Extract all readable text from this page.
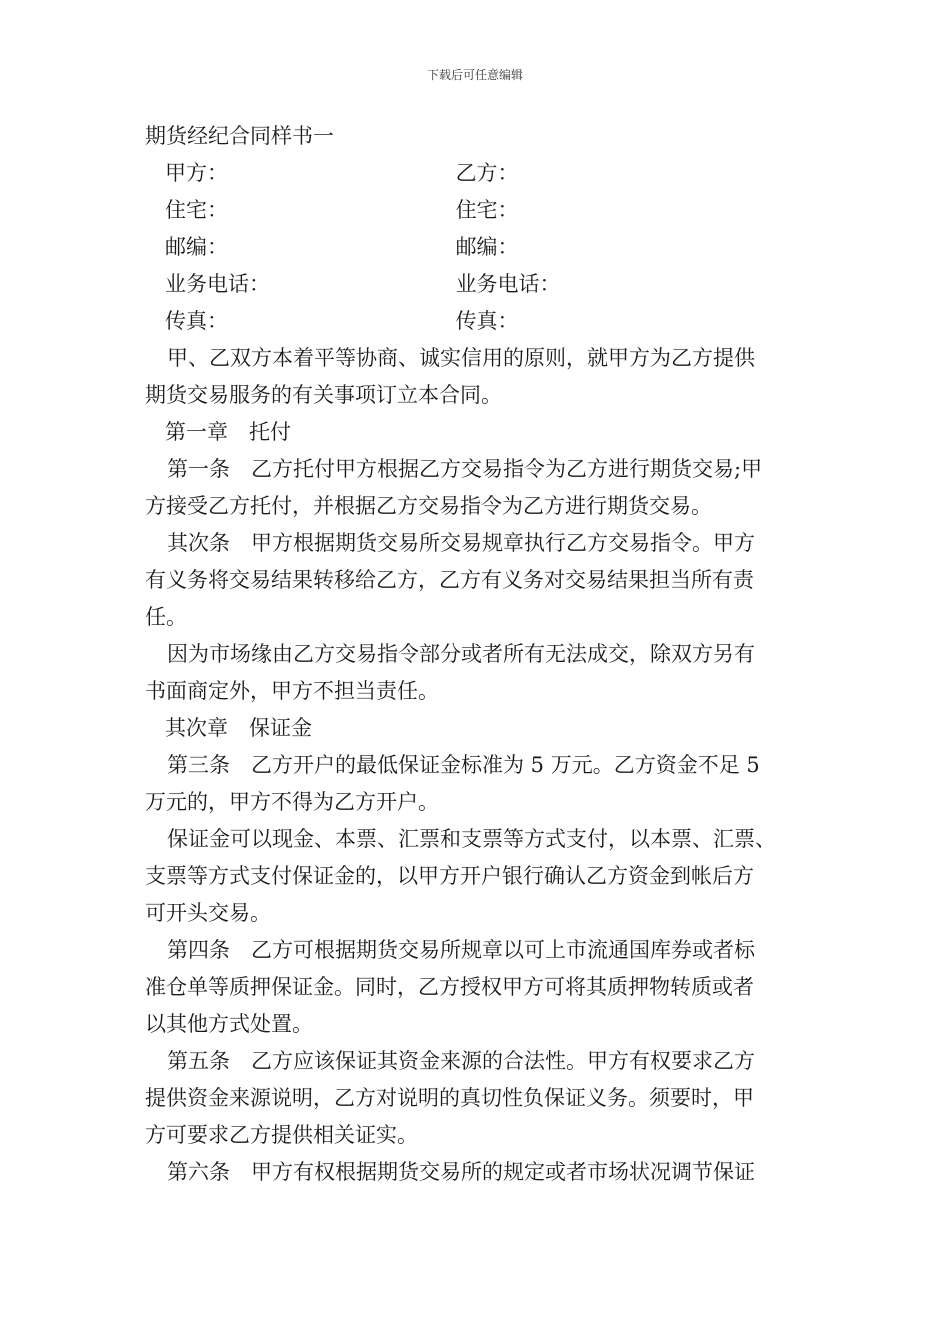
下载后可任意编辑
期货经纪合同样书一
甲方：	乙方：
住宅：	住宅：
邮编：	邮编：
业务电话：	业务电话：
传真：	传真：
甲、乙双方本着平等协商、诚实信用的原则，就甲方为乙方提供
期货交易服务的有关事项订立本合同。
第一章　托付
第一条　乙方托付甲方根据乙方交易指令为乙方进行期货交易;甲
方接受乙方托付，并根据乙方交易指令为乙方进行期货交易。
其次条　甲方根据期货交易所交易规章执行乙方交易指令。甲方
有义务将交易结果转移给乙方，乙方有义务对交易结果担当所有责
任。
因为市场缘由乙方交易指令部分或者所有无法成交，除双方另有
书面商定外，甲方不担当责任。
其次章　保证金
第三条　乙方开户的最低保证金标准为 5 万元。乙方资金不足 5
万元的，甲方不得为乙方开户。
保证金可以现金、本票、汇票和支票等方式支付，以本票、汇票、
支票等方式支付保证金的，以甲方开户银行确认乙方资金到帐后方
可开头交易。
第四条　乙方可根据期货交易所规章以可上市流通国库券或者标
准仓单等质押保证金。同时，乙方授权甲方可将其质押物转质或者
以其他方式处置。
第五条　乙方应该保证其资金来源的合法性。甲方有权要求乙方
提供资金来源说明，乙方对说明的真切性负保证义务。须要时，甲
方可要求乙方提供相关证实。
第六条　甲方有权根据期货交易所的规定或者市场状况调节保证
